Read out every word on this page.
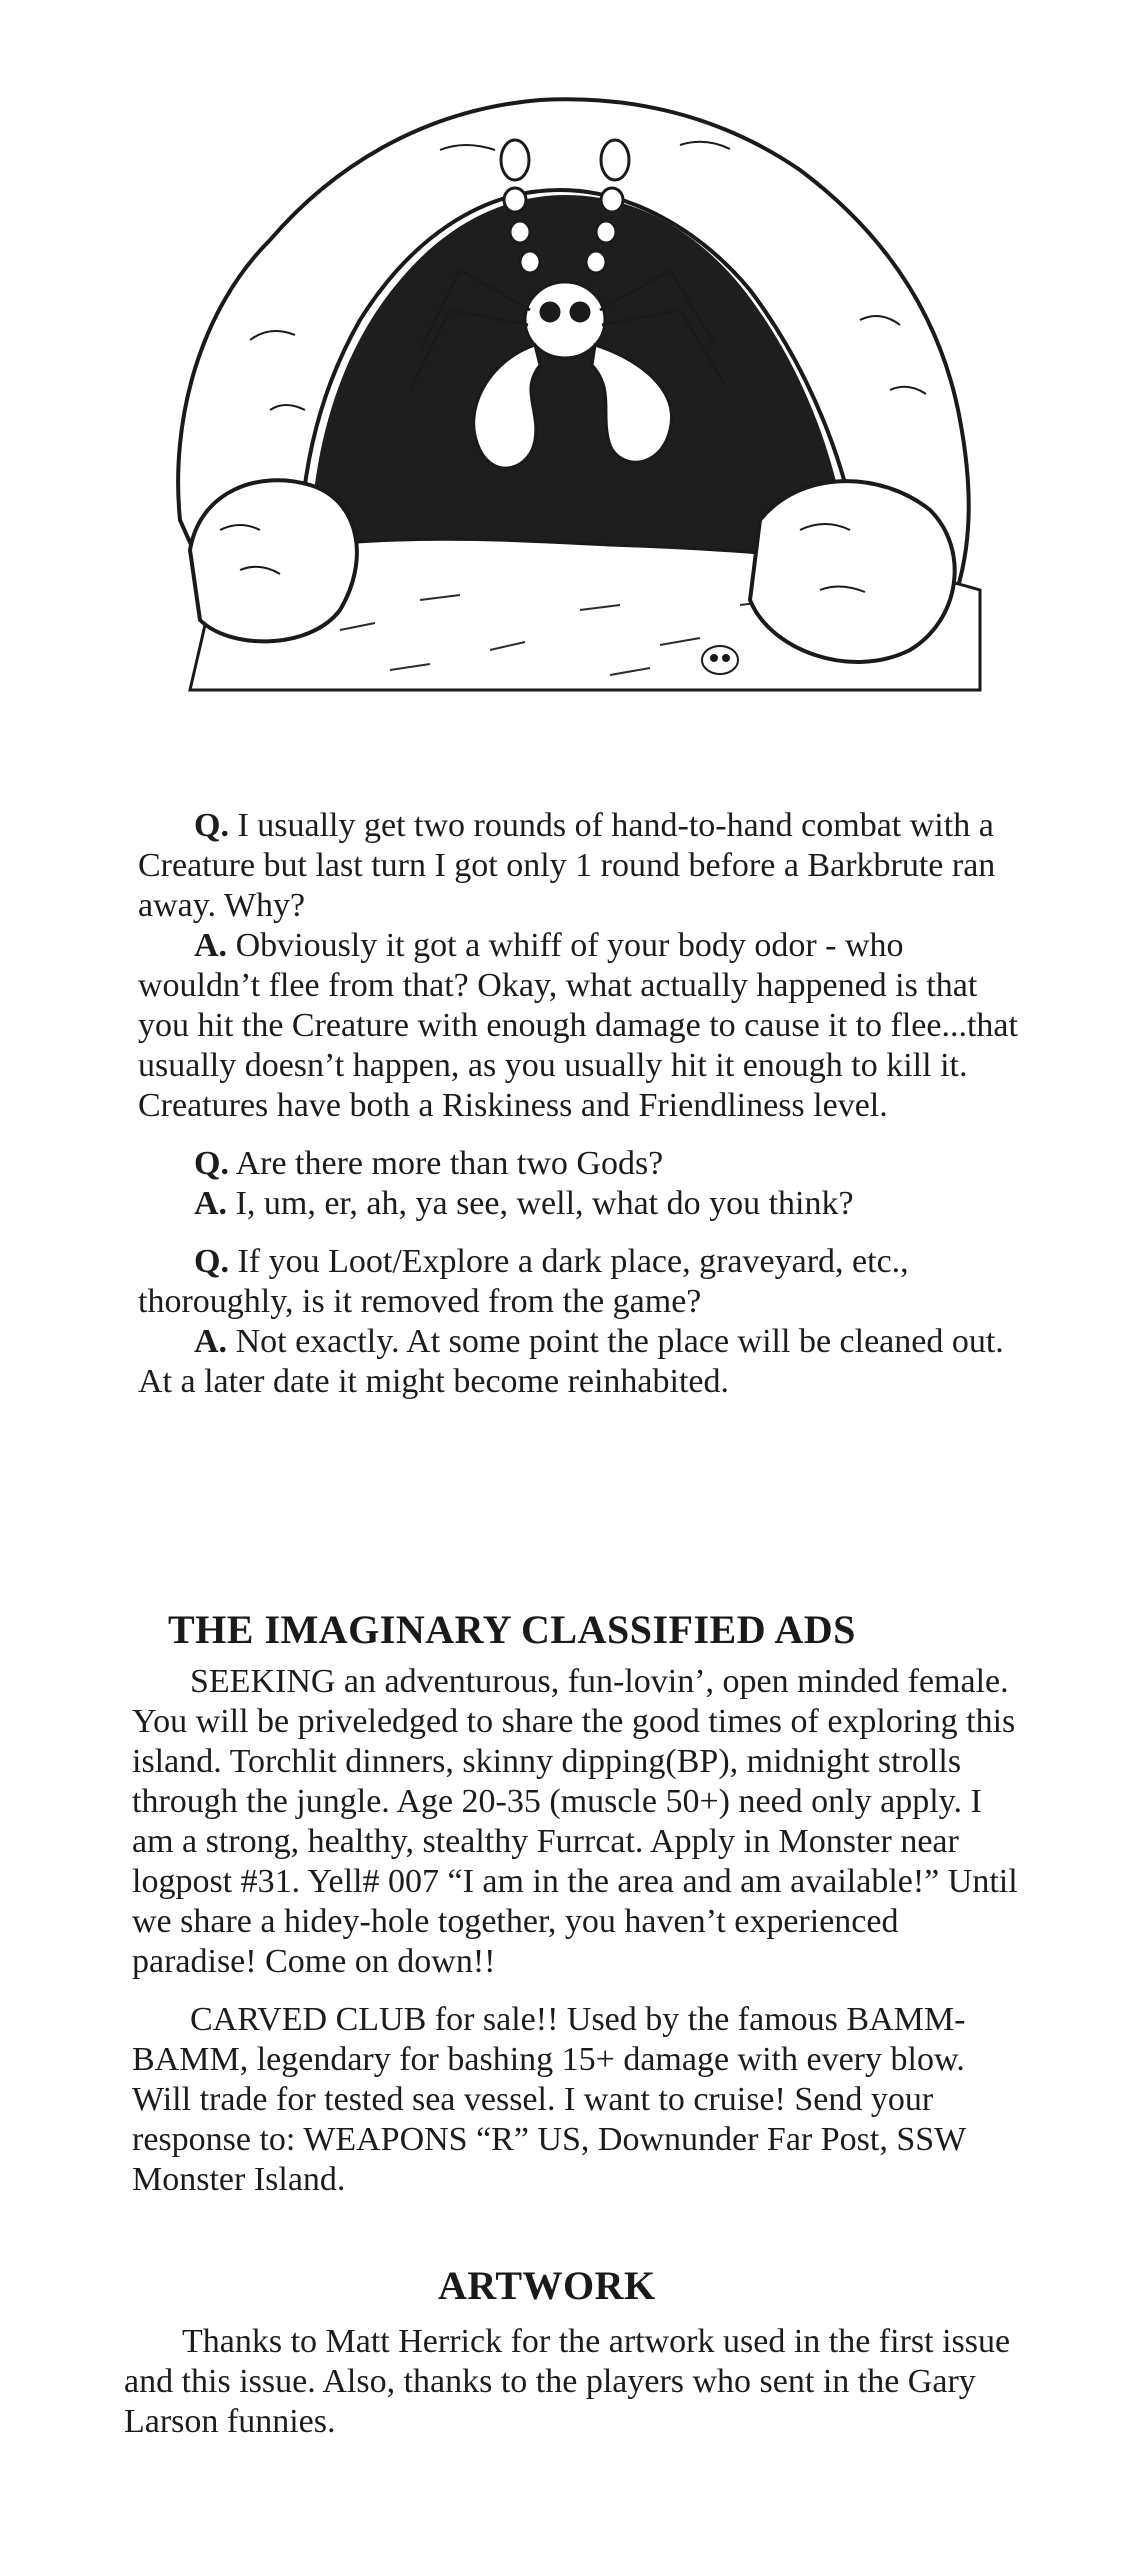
Q. I usually get two rounds of hand-to-hand combat with a Creature but last turn I got only 1 round before a Barkbrute ran away. Why?
A. Obviously it got a whiff of your body odor - who wouldn’t flee from that? Okay, what actually happened is that you hit the Creature with enough damage to cause it to flee...that usually doesn’t happen, as you usually hit it enough to kill it. Creatures have both a Riskiness and Friendliness level.
Q. Are there more than two Gods?
A. I, um, er, ah, ya see, well, what do you think?
Q. If you Loot/Explore a dark place, graveyard, etc., thoroughly, is it removed from the game?
A. Not exactly. At some point the place will be cleaned out. At a later date it might become reinhabited.
THE IMAGINARY CLASSIFIED ADS
SEEKING an adventurous, fun-lovin’, open minded female. You will be priveledged to share the good times of exploring this island. Torchlit dinners, skinny dipping(BP), midnight strolls through the jungle. Age 20-35 (muscle 50+) need only apply. I am a strong, healthy, stealthy Furrcat. Apply in Monster near logpost #31. Yell# 007 “I am in the area and am available!” Until we share a hidey-hole together, you haven’t experienced paradise! Come on down!!
CARVED CLUB for sale!! Used by the famous BAMM-BAMM, legendary for bashing 15+ damage with every blow. Will trade for tested sea vessel. I want to cruise! Send your response to: WEAPONS “R” US, Downunder Far Post, SSW Monster Island.
ARTWORK
Thanks to Matt Herrick for the artwork used in the first issue and this issue. Also, thanks to the players who sent in the Gary Larson funnies.
